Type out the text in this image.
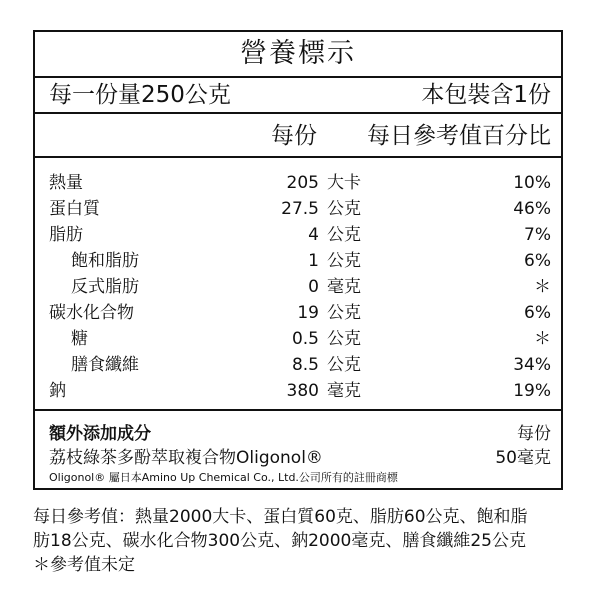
營養標示
每一份量250公克	本包裝含1份
每份 每日參考值百分比
熱量	205 大卡	10%
蛋白質	27.5 公克	46%
脂肪	4 公克	7%
飽和脂肪	1 公克	6%
反式脂肪	0 毫克	＊
碳水化合物	19 公克	6%
糖	0.5 公克	＊
膳食纖維	8.5 公克	34%
鈉	380 毫克	19%
額外添加成分	每份
荔枝綠茶多酚萃取複合物Oligonol®	50毫克
Oligonol® 屬日本Amino Up Chemical Co., Ltd.公司所有的註冊商標
每日參考值：熱量2000大卡、蛋白質60克、脂肪60公克、飽和脂
肪18公克、碳水化合物300公克、鈉2000毫克、膳食纖維25公克
＊參考值未定
